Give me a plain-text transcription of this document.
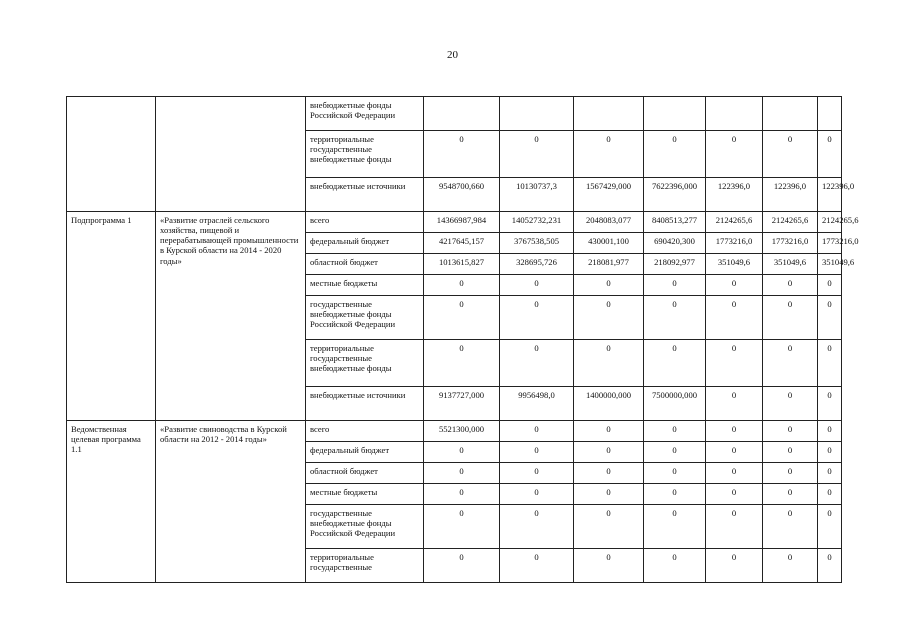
20
		внебюджетные фонды Российской Федерации							
		территориальные государственные внебюджетные фонды	0	0	0	0	0	0	0
		внебюджетные источники	9548700,660	10130737,3	1567429,000	7622396,000	122396,0	122396,0	122396,0
Подпрограмма 1	«Развитие отраслей сельского хозяйства, пищевой и перерабатывающей промышленности в Курской области на 2014 - 2020 годы»	всего	14366987,984	14052732,231	2048083,077	8408513,277	2124265,6	2124265,6	2124265,6
		федеральный бюджет	4217645,157	3767538,505	430001,100	690420,300	1773216,0	1773216,0	1773216,0
		областной бюджет	1013615,827	328695,726	218081,977	218092,977	351049,6	351049,6	351049,6
		местные бюджеты	0	0	0	0	0	0	0
		государственные внебюджетные фонды Российской Федерации	0	0	0	0	0	0	0
		территориальные государственные внебюджетные фонды	0	0	0	0	0	0	0
		внебюджетные источники	9137727,000	9956498,0	1400000,000	7500000,000	0	0	0
Ведомственная целевая программа 1.1	«Развитие свиноводства в Курской области на 2012 - 2014 годы»	всего	5521300,000	0	0	0	0	0	0
		федеральный бюджет	0	0	0	0	0	0	0
		областной бюджет	0	0	0	0	0	0	0
		местные бюджеты	0	0	0	0	0	0	0
		государственные внебюджетные фонды Российской Федерации	0	0	0	0	0	0	0
		территориальные государственные	0	0	0	0	0	0	0
